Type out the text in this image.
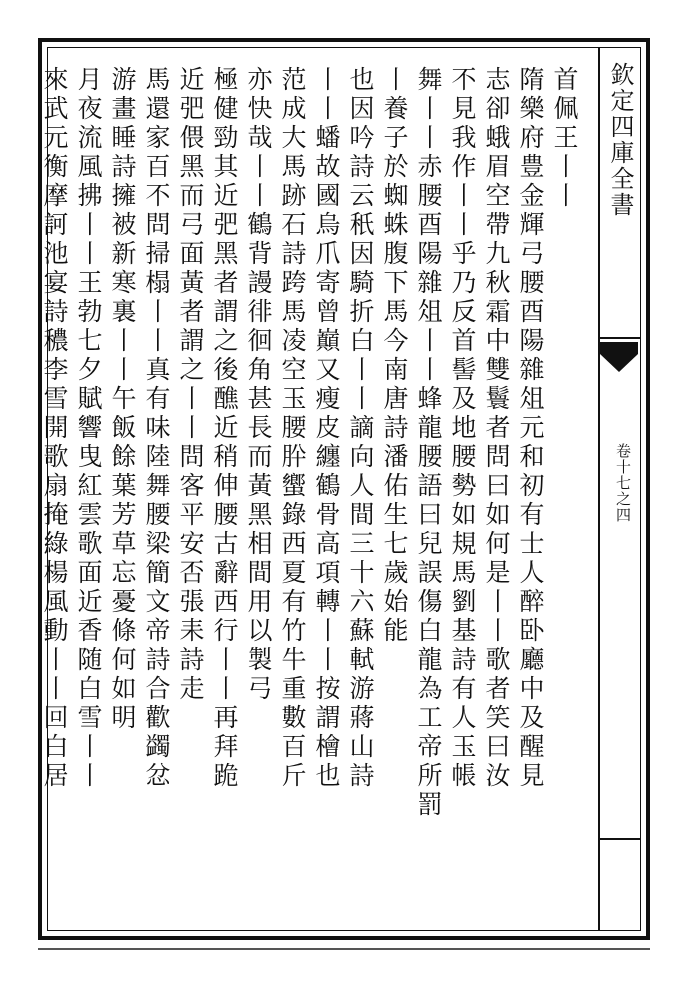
欽定四庫全書
卷十七之四
首佩王丨丨
隋樂府豊金輝弓腰酉陽雜俎元和初有士人醉卧廳中及醒見
志卻蛾眉空帶九秋霜中雙鬟者問曰如何是丨丨歌者笑曰汝
不見我作丨丨乎乃反首髻及地腰勢如規馬劉基詩有人玉帳
舞丨丨赤腰酉陽雜俎丨丨蜂龍腰語曰兒誤傷白龍為工帝所罰
丨養子於蜘蛛腹下馬今南唐詩潘佑生七歲始能
也因吟詩云秖因騎折白丨丨謫向人間三十六蘇軾游蔣山詩
丨丨蟠故國烏爪寄曾巔又瘦皮纏鶴骨高項轉丨丨按謂檜也
范成大馬跡石詩跨馬凌空玉腰肸蠁錄西夏有竹牛重數百斤
亦快哉丨丨鶴背謾徘徊角甚長而黃黑相間用以製弓
極健勁其近弝黑者謂之後醮近稍伸腰古辭西行丨丨再拜跪
近弝偎黑而弓面黃者謂之丨丨問客平安否張耒詩走
馬還家百不問掃榻丨丨真有味陸舞腰梁簡文帝詩合歡蠲忿
游畫睡詩擁被新寒裏丨丨午飯餘葉芳草忘憂條何如明
月夜流風拂丨丨王勃七夕賦響曳紅雲歌面近香随白雪丨丨
來武元衡摩訶池宴詩穠李雪開歌扇掩綠楊風動丨丨回白居
